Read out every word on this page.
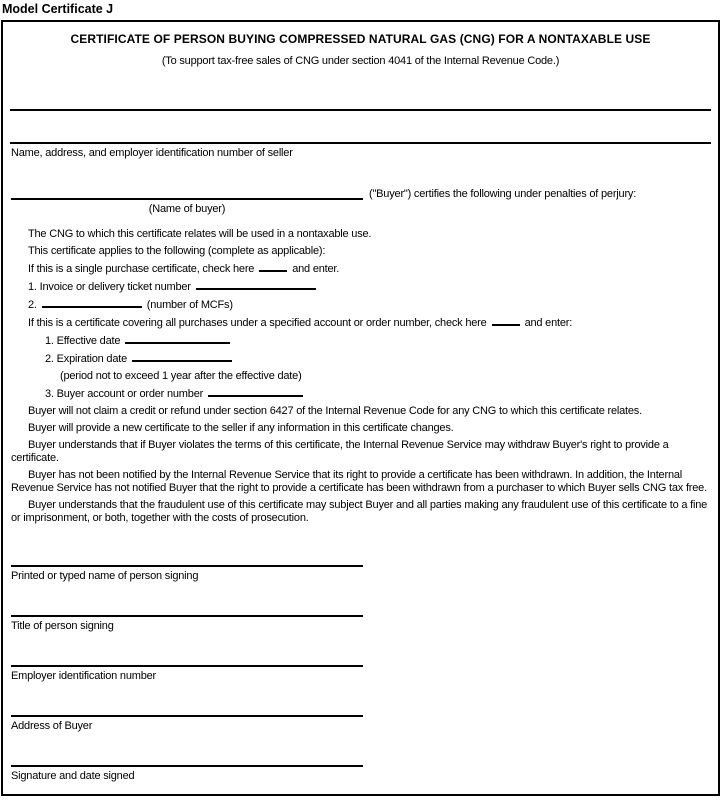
Model Certificate J
CERTIFICATE OF PERSON BUYING COMPRESSED NATURAL GAS (CNG) FOR A NONTAXABLE USE
(To support tax-free sales of CNG under section 4041 of the Internal Revenue Code.)
Name, address, and employer identification number of seller
("Buyer") certifies the following under penalties of perjury:
(Name of buyer)
The CNG to which this certificate relates will be used in a nontaxable use.
This certificate applies to the following (complete as applicable):
If this is a single purchase certificate, check here	and enter.
1. Invoice or delivery ticket number
2.	(number of MCFs)
If this is a certificate covering all purchases under a specified account or order number, check here	and enter:
1. Effective date
2. Expiration date
(period not to exceed 1 year after the effective date)
3. Buyer account or order number
Buyer will not claim a credit or refund under section 6427 of the Internal Revenue Code for any CNG to which this certificate relates.
Buyer will provide a new certificate to the seller if any information in this certificate changes.
Buyer understands that if Buyer violates the terms of this certificate, the Internal Revenue Service may withdraw Buyer's right to provide a certificate.
Buyer has not been notified by the Internal Revenue Service that its right to provide a certificate has been withdrawn. In addition, the Internal Revenue Service has not notified Buyer that the right to provide a certificate has been withdrawn from a purchaser to which Buyer sells CNG tax free.
Buyer understands that the fraudulent use of this certificate may subject Buyer and all parties making any fraudulent use of this certificate to a fine or imprisonment, or both, together with the costs of prosecution.
Printed or typed name of person signing
Title of person signing
Employer identification number
Address of Buyer
Signature and date signed
